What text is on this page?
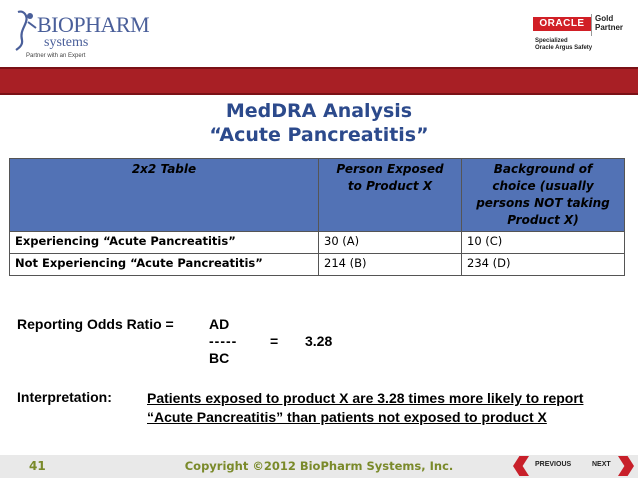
BIOPHARM
systems
Partner with an Expert
ORACLE	Gold
Partner
Specialized
Oracle Argus Safety
MedDRA Analysis
“Acute Pancreatitis”
2x2 Table	Person Exposed to Product X	Background of choice (usually persons NOT taking Product X)
Experiencing “Acute Pancreatitis”	30 (A)	10 (C)
Not Experiencing “Acute Pancreatitis”	214 (B)	234 (D)
Reporting Odds Ratio =	AD
----- = 3.28
BC
Interpretation:	Patients exposed to product X are 3.28 times more likely to report “Acute Pancreatitis” than patients not exposed to product X
41	Copyright ©2012 BioPharm Systems, Inc.	PREVIOUS	NEXT
